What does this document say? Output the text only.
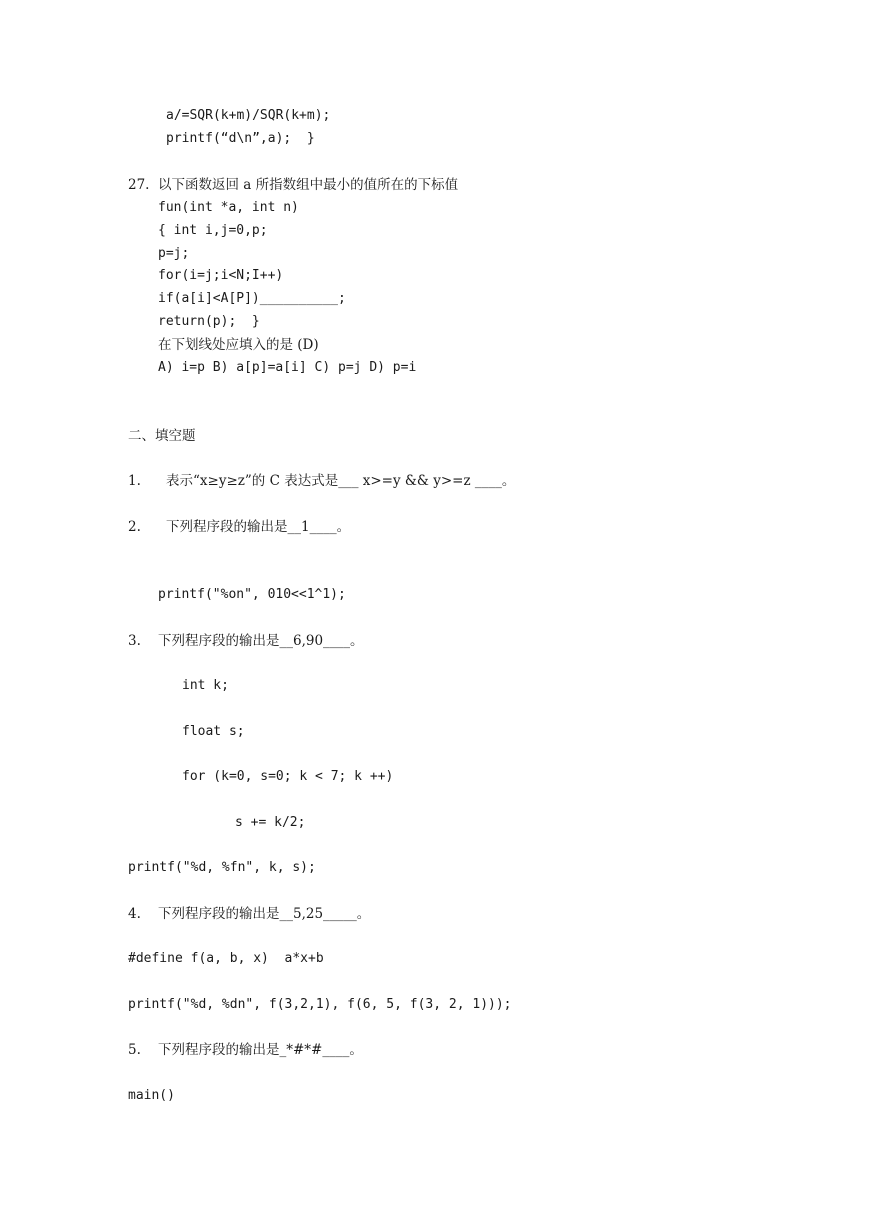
a/=SQR(k+m)/SQR(k+m);
printf(“d\n”,a);  }
27. 以下函数返回 a 所指数组中最小的值所在的下标值
fun(int *a, int n)
{ int i,j=0,p;
p=j;
for(i=j;i<N;I++)
if(a[i]<A[P])__________;
return(p);  }
在下划线处应填入的是 (D)
A) i=p B) a[p]=a[i] C) p=j D) p=i
二、填空题
1. 表示“x≥y≥z”的 C 表达式是___ x>=y && y>=z ____。
2. 下列程序段的输出是__1____。
printf("%on", 010<<1^1);
3. 下列程序段的输出是__6,90____。
int k;
float s;
for (k=0, s=0; k < 7; k ++)
s += k/2;
printf("%d, %fn", k, s);
4. 下列程序段的输出是__5,25_____。
#define f(a, b, x)  a*x+b
printf("%d, %dn", f(3,2,1), f(6, 5, f(3, 2, 1)));
5. 下列程序段的输出是_*#*#____。
main()
